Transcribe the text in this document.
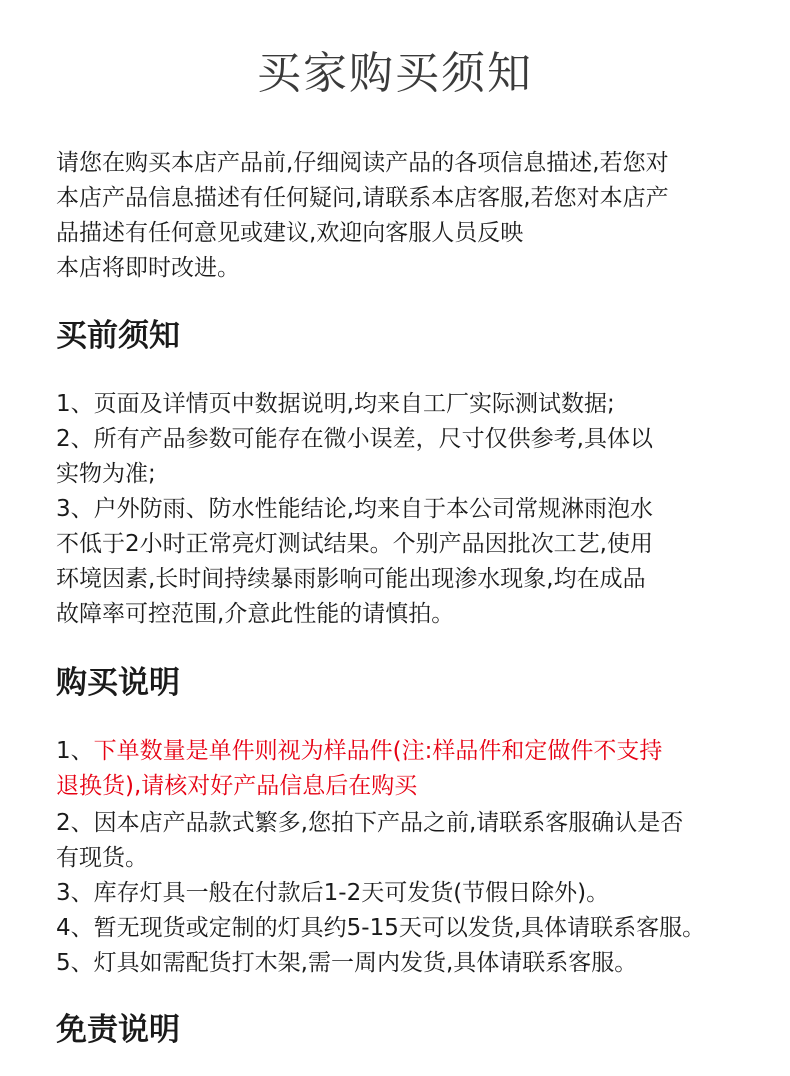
买家购买须知
请您在购买本店产品前,仔细阅读产品的各项信息描述,若您对
本店产品信息描述有任何疑问,请联系本店客服,若您对本店产
品描述有任何意见或建议,欢迎向客服人员反映
本店将即时改进。
买前须知
1、页面及详情页中数据说明,均来自工厂实际测试数据;
2、所有产品参数可能存在微小误差，尺寸仅供参考,具体以
实物为准;
3、户外防雨、防水性能结论,均来自于本公司常规淋雨泡水
不低于2小时正常亮灯测试结果。个别产品因批次工艺,使用
环境因素,长时间持续暴雨影响可能出现渗水现象,均在成品
故障率可控范围,介意此性能的请慎拍。
购买说明
1、下单数量是单件则视为样品件(注:样品件和定做件不支持
退换货),请核对好产品信息后在购买
2、因本店产品款式繁多,您拍下产品之前,请联系客服确认是否
有现货。
3、库存灯具一般在付款后1-2天可发货(节假日除外)。
4、暂无现货或定制的灯具约5-15天可以发货,具体请联系客服。
5、灯具如需配货打木架,需一周内发货,具体请联系客服。
免责说明
